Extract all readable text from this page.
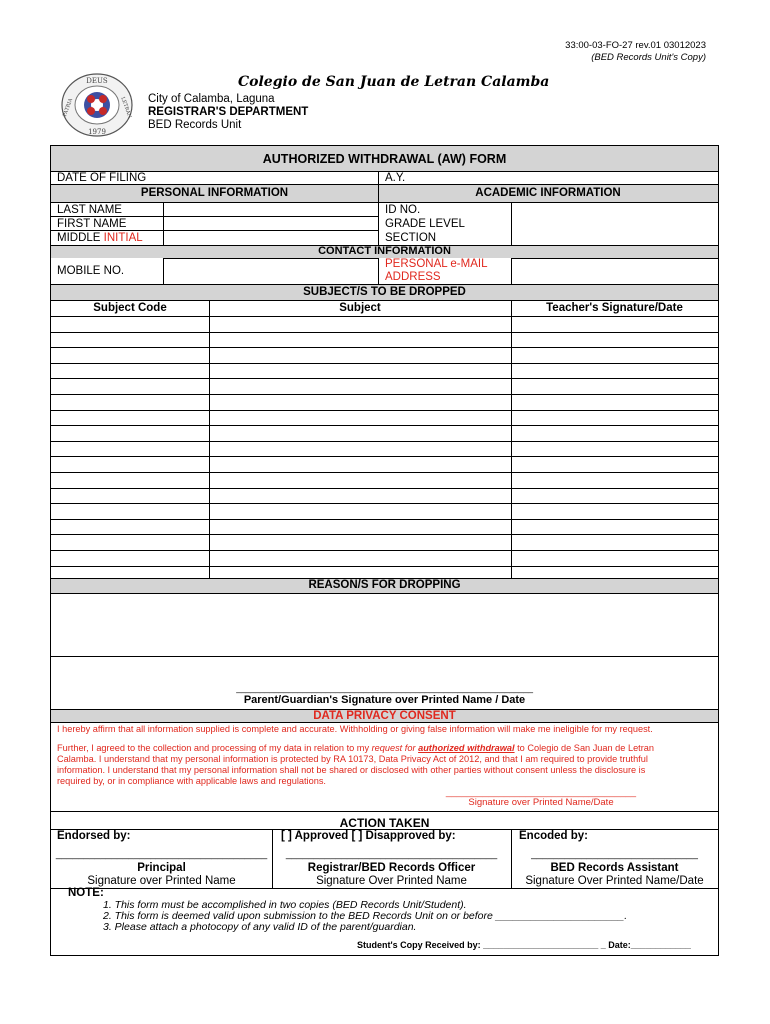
33:00-03-FO-27 rev.01 03012023
(BED Records Unit's Copy)
DEUS
PATRIA	LETRAN
1979
Colegio de San Juan de Letran Calamba
City of Calamba, Laguna
REGISTRAR'S DEPARTMENT
BED Records Unit
AUTHORIZED WITHDRAWAL (AW) FORM
DATE OF FILING	A.Y.
PERSONAL INFORMATION	ACADEMIC INFORMATION
LAST NAME
FIRST NAME
MIDDLE INITIAL
ID NO.
GRADE LEVEL
SECTION
CONTACT INFORMATION
MOBILE NO.
PERSONAL e-MAIL
ADDRESS
SUBJECT/S TO BE DROPPED
Subject Code	Subject	Teacher's Signature/Date
REASON/S FOR DROPPING
_______________________________________________________________
Parent/Guardian's Signature over Printed Name / Date
DATA PRIVACY CONSENT
I hereby affirm that all information supplied is complete and accurate. Withholding or giving false information will make me ineligible for my request.
Further, I agreed to the collection and processing of my data in relation to my request for authorized withdrawal to Colegio de San Juan de Letran
Calamba. I understand that my personal information is protected by RA 10173, Data Privacy Act of 2012, and that I am required to provide truthful
information. I understand that my personal information shall not be shared or disclosed with other parties without consent unless the disclosure is
required by, or in compliance with applicable laws and regulations.
____________________________________
Signature over Printed Name/Date
ACTION TAKEN
Endorsed by:	[ ] Approved [ ] Disapproved by:	Encoded by:
______________________________________
Principal
Signature over Printed Name
______________________________________
Registrar/BED Records Officer
Signature Over Printed Name
______________________________
BED Records Assistant
Signature Over Printed Name/Date
NOTE:
1. This form must be accomplished in two copies (BED Records Unit/Student).
2. This form is deemed valid upon submission to the BED Records Unit on or before ______________________.
3. Please attach a photocopy of any valid ID of the parent/guardian.
Student's Copy Received by: _______________________ _ Date:____________
